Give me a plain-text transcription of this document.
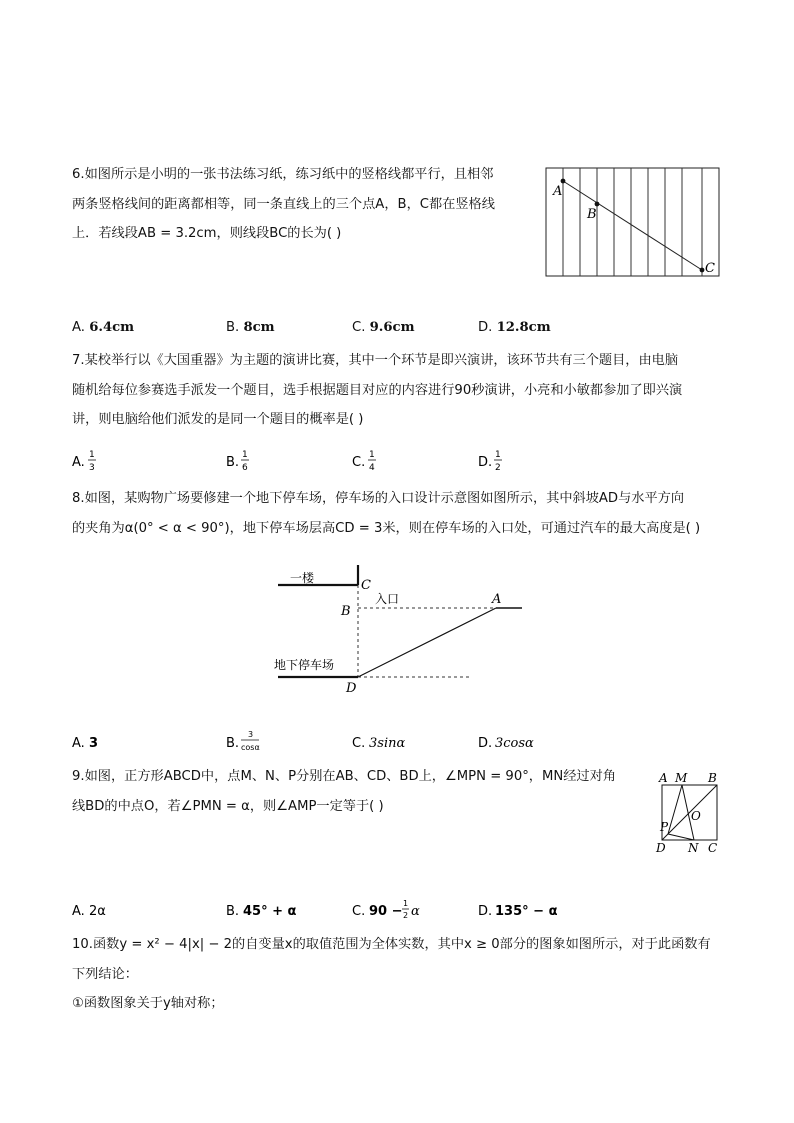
6.如图所示是小明的一张书法练习纸，练习纸中的竖格线都平行，且相邻
两条竖格线间的距离都相等，同一条直线上的三个点A，B，C都在竖格线
上．若线段AB = 3.2cm，则线段BC的长为( )
A
B
C
A. 6.4cm	B. 8cm	C. 9.6cm	D. 12.8cm
7.某校举行以《大国重器》为主题的演讲比赛，其中一个环节是即兴演讲，该环节共有三个题目，由电脑
随机给每位参赛选手派发一个题目，选手根据题目对应的内容进行90秒演讲，小亮和小敏都参加了即兴演
讲，则电脑给他们派发的是同一个题目的概率是( )
A. 1
3	B. 1
6	C. 1
4	D. 1
2
8.如图，某购物广场要修建一个地下停车场，停车场的入口设计示意图如图所示，其中斜坡AD与水平方向
的夹角为α(0° < α < 90°)，地下停车场层高CD = 3米，则在停车场的入口处，可通过汽车的最大高度是( )
一楼
入口
地下停车场
C
B
A
D
A. 3	B.
3
cosα	C. 3sinα	D. 3cosα
9.如图，正方形ABCD中，点M、N、P分别在AB、CD、BD上，∠MPN = 90°，MN经过对角
线BD的中点O，若∠PMN = α，则∠AMP一定等于( )
A M B
O
P
D N C
A. 2α	B. 45° + α	C. 90 −
1
2 α	D. 135° − α
10.函数y = x² − 4|x| − 2的自变量x的取值范围为全体实数，其中x ≥ 0部分的图象如图所示，对于此函数有
下列结论：
①函数图象关于y轴对称；
